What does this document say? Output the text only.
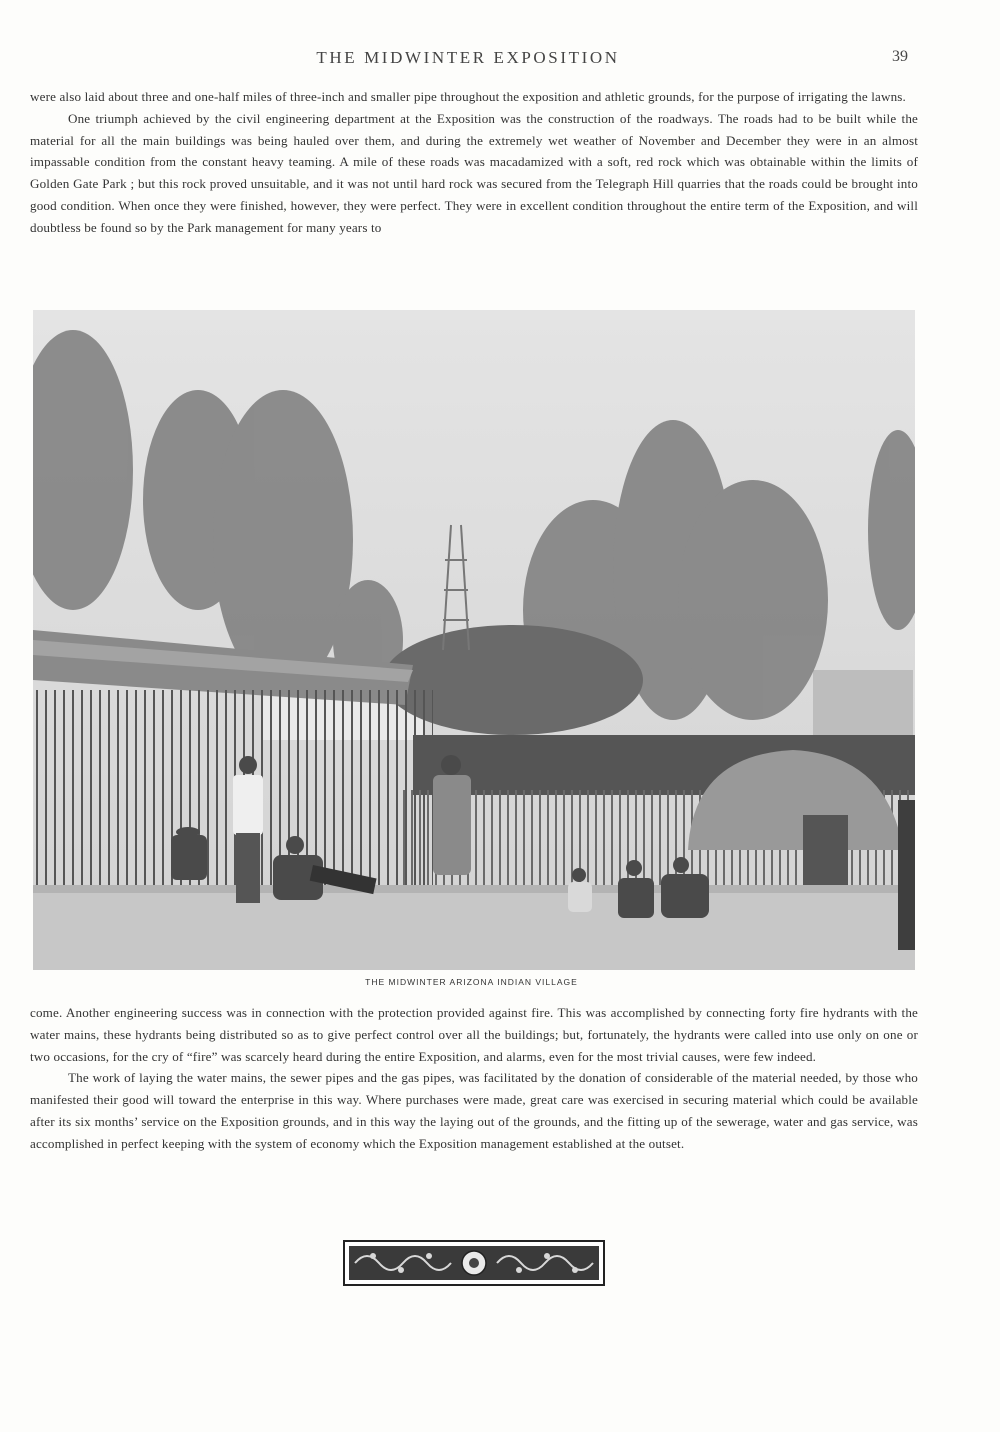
THE MIDWINTER EXPOSITION	39

were also laid about three and one-half miles of three-inch and smaller pipe throughout the exposition and athletic grounds, for the purpose of irrigating the lawns.

One triumph achieved by the civil engineering department at the Exposition was the construction of the roadways. The roads had to be built while the material for all the main buildings was being hauled over them, and during the extremely wet weather of November and December they were in an almost impassable condition from the constant heavy teaming. A mile of these roads was macadamized with a soft, red rock which was obtainable within the limits of Golden Gate Park ; but this rock proved unsuitable, and it was not until hard rock was secured from the Telegraph Hill quarries that the roads could be brought into good condition. When once they were finished, however, they were perfect. They were in excellent condition throughout the entire term of the Exposition, and will doubtless be found so by the Park management for many years to

THE MIDWINTER ARIZONA INDIAN VILLAGE

come. Another engineering success was in connection with the protection provided against fire. This was accomplished by connecting forty fire hydrants with the water mains, these hydrants being distributed so as to give perfect control over all the buildings; but, fortunately, the hydrants were called into use only on one or two occasions, for the cry of “fire” was scarcely heard during the entire Exposition, and alarms, even for the most trivial causes, were few indeed.

The work of laying the water mains, the sewer pipes and the gas pipes, was facilitated by the donation of considerable of the material needed, by those who manifested their good will toward the enterprise in this way. Where purchases were made, great care was exercised in securing material which could be available after its six months’ service on the Exposition grounds, and in this way the laying out of the grounds, and the fitting up of the sewerage, water and gas service, was accomplished in perfect keeping with the system of economy which the Exposition management established at the outset.
